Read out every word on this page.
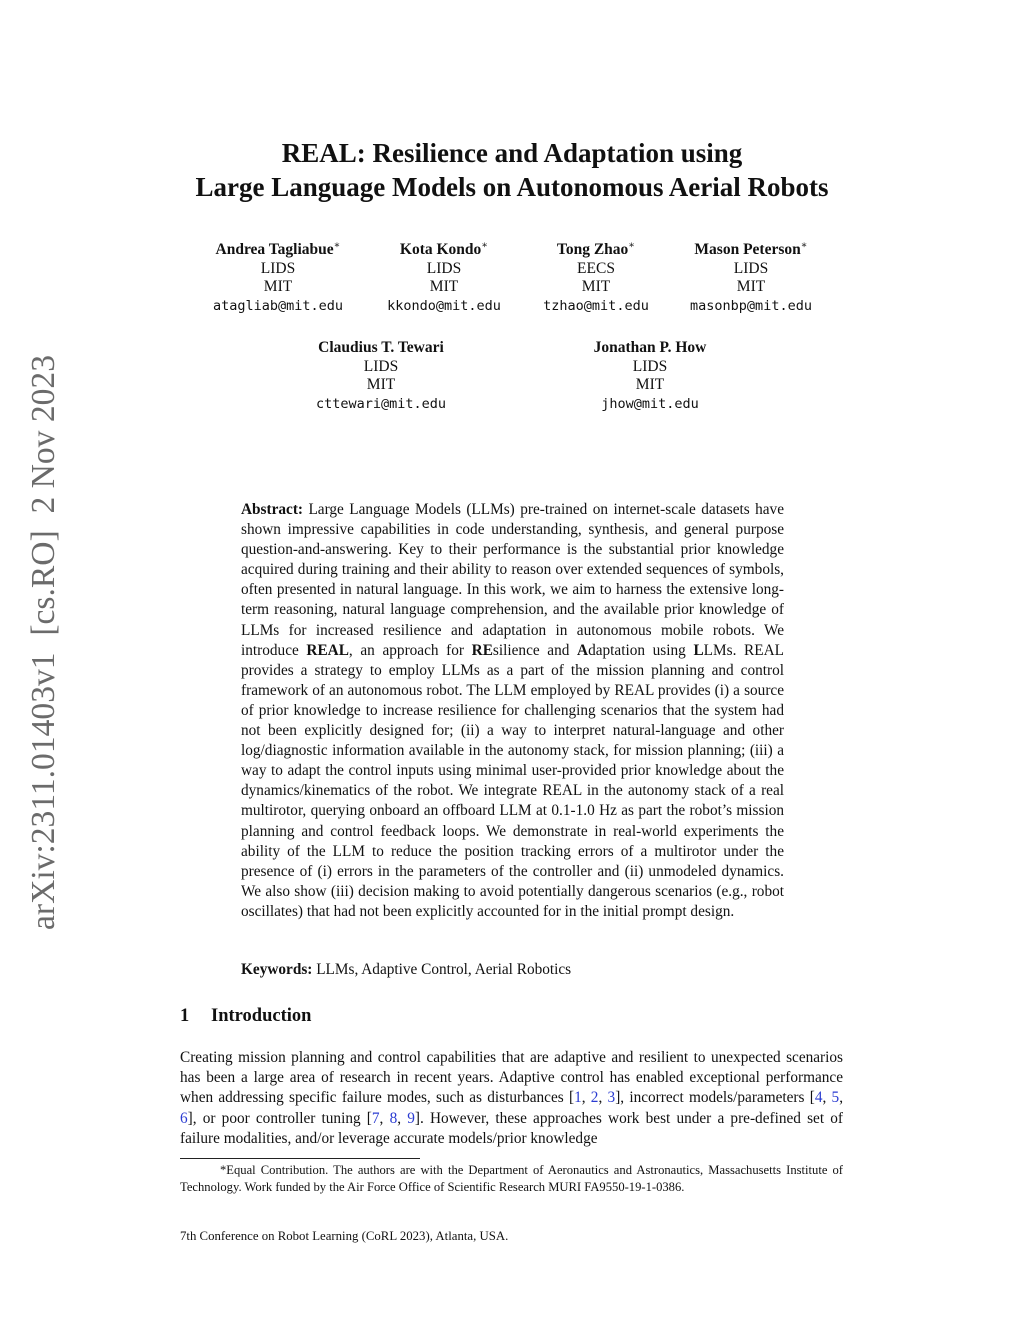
arXiv:2311.01403v1  [cs.RO]  2 Nov 2023
REAL: Resilience and Adaptation using
Large Language Models on Autonomous Aerial Robots
Andrea Tagliabue∗
LIDS
MIT
atagliab@mit.edu
Kota Kondo∗
LIDS
MIT
kkondo@mit.edu
Tong Zhao∗
EECS
MIT
tzhao@mit.edu
Mason Peterson∗
LIDS
MIT
masonbp@mit.edu
Claudius T. Tewari
LIDS
MIT
cttewari@mit.edu
Jonathan P. How
LIDS
MIT
jhow@mit.edu
Abstract: Large Language Models (LLMs) pre-trained on internet-scale datasets have shown impressive capabilities in code understanding, synthesis, and general purpose question-and-answering. Key to their performance is the substantial prior knowledge acquired during training and their ability to reason over extended sequences of symbols, often presented in natural language. In this work, we aim to harness the extensive long-term reasoning, natural language comprehension, and the available prior knowledge of LLMs for increased resilience and adaptation in autonomous mobile robots. We introduce REAL, an approach for REsilience and Adaptation using LLMs. REAL provides a strategy to employ LLMs as a part of the mission planning and control framework of an autonomous robot. The LLM employed by REAL provides (i) a source of prior knowledge to increase resilience for challenging scenarios that the system had not been explicitly designed for; (ii) a way to interpret natural-language and other log/diagnostic information available in the autonomy stack, for mission planning; (iii) a way to adapt the control inputs using minimal user-provided prior knowledge about the dynamics/kinematics of the robot. We integrate REAL in the autonomy stack of a real multirotor, querying onboard an offboard LLM at 0.1-1.0 Hz as part the robot’s mission planning and control feedback loops. We demonstrate in real-world experiments the ability of the LLM to reduce the position tracking errors of a multirotor under the presence of (i) errors in the parameters of the controller and (ii) unmodeled dynamics. We also show (iii) decision making to avoid potentially dangerous scenarios (e.g., robot oscillates) that had not been explicitly accounted for in the initial prompt design.
Keywords: LLMs, Adaptive Control, Aerial Robotics
1 Introduction
Creating mission planning and control capabilities that are adaptive and resilient to unexpected scenarios has been a large area of research in recent years. Adaptive control has enabled exceptional performance when addressing specific failure modes, such as disturbances [1, 2, 3], incorrect models/parameters [4, 5, 6], or poor controller tuning [7, 8, 9]. However, these approaches work best under a pre-defined set of failure modalities, and/or leverage accurate models/prior knowledge
*Equal Contribution. The authors are with the Department of Aeronautics and Astronautics, Massachusetts Institute of Technology. Work funded by the Air Force Office of Scientific Research MURI FA9550-19-1-0386.
7th Conference on Robot Learning (CoRL 2023), Atlanta, USA.
